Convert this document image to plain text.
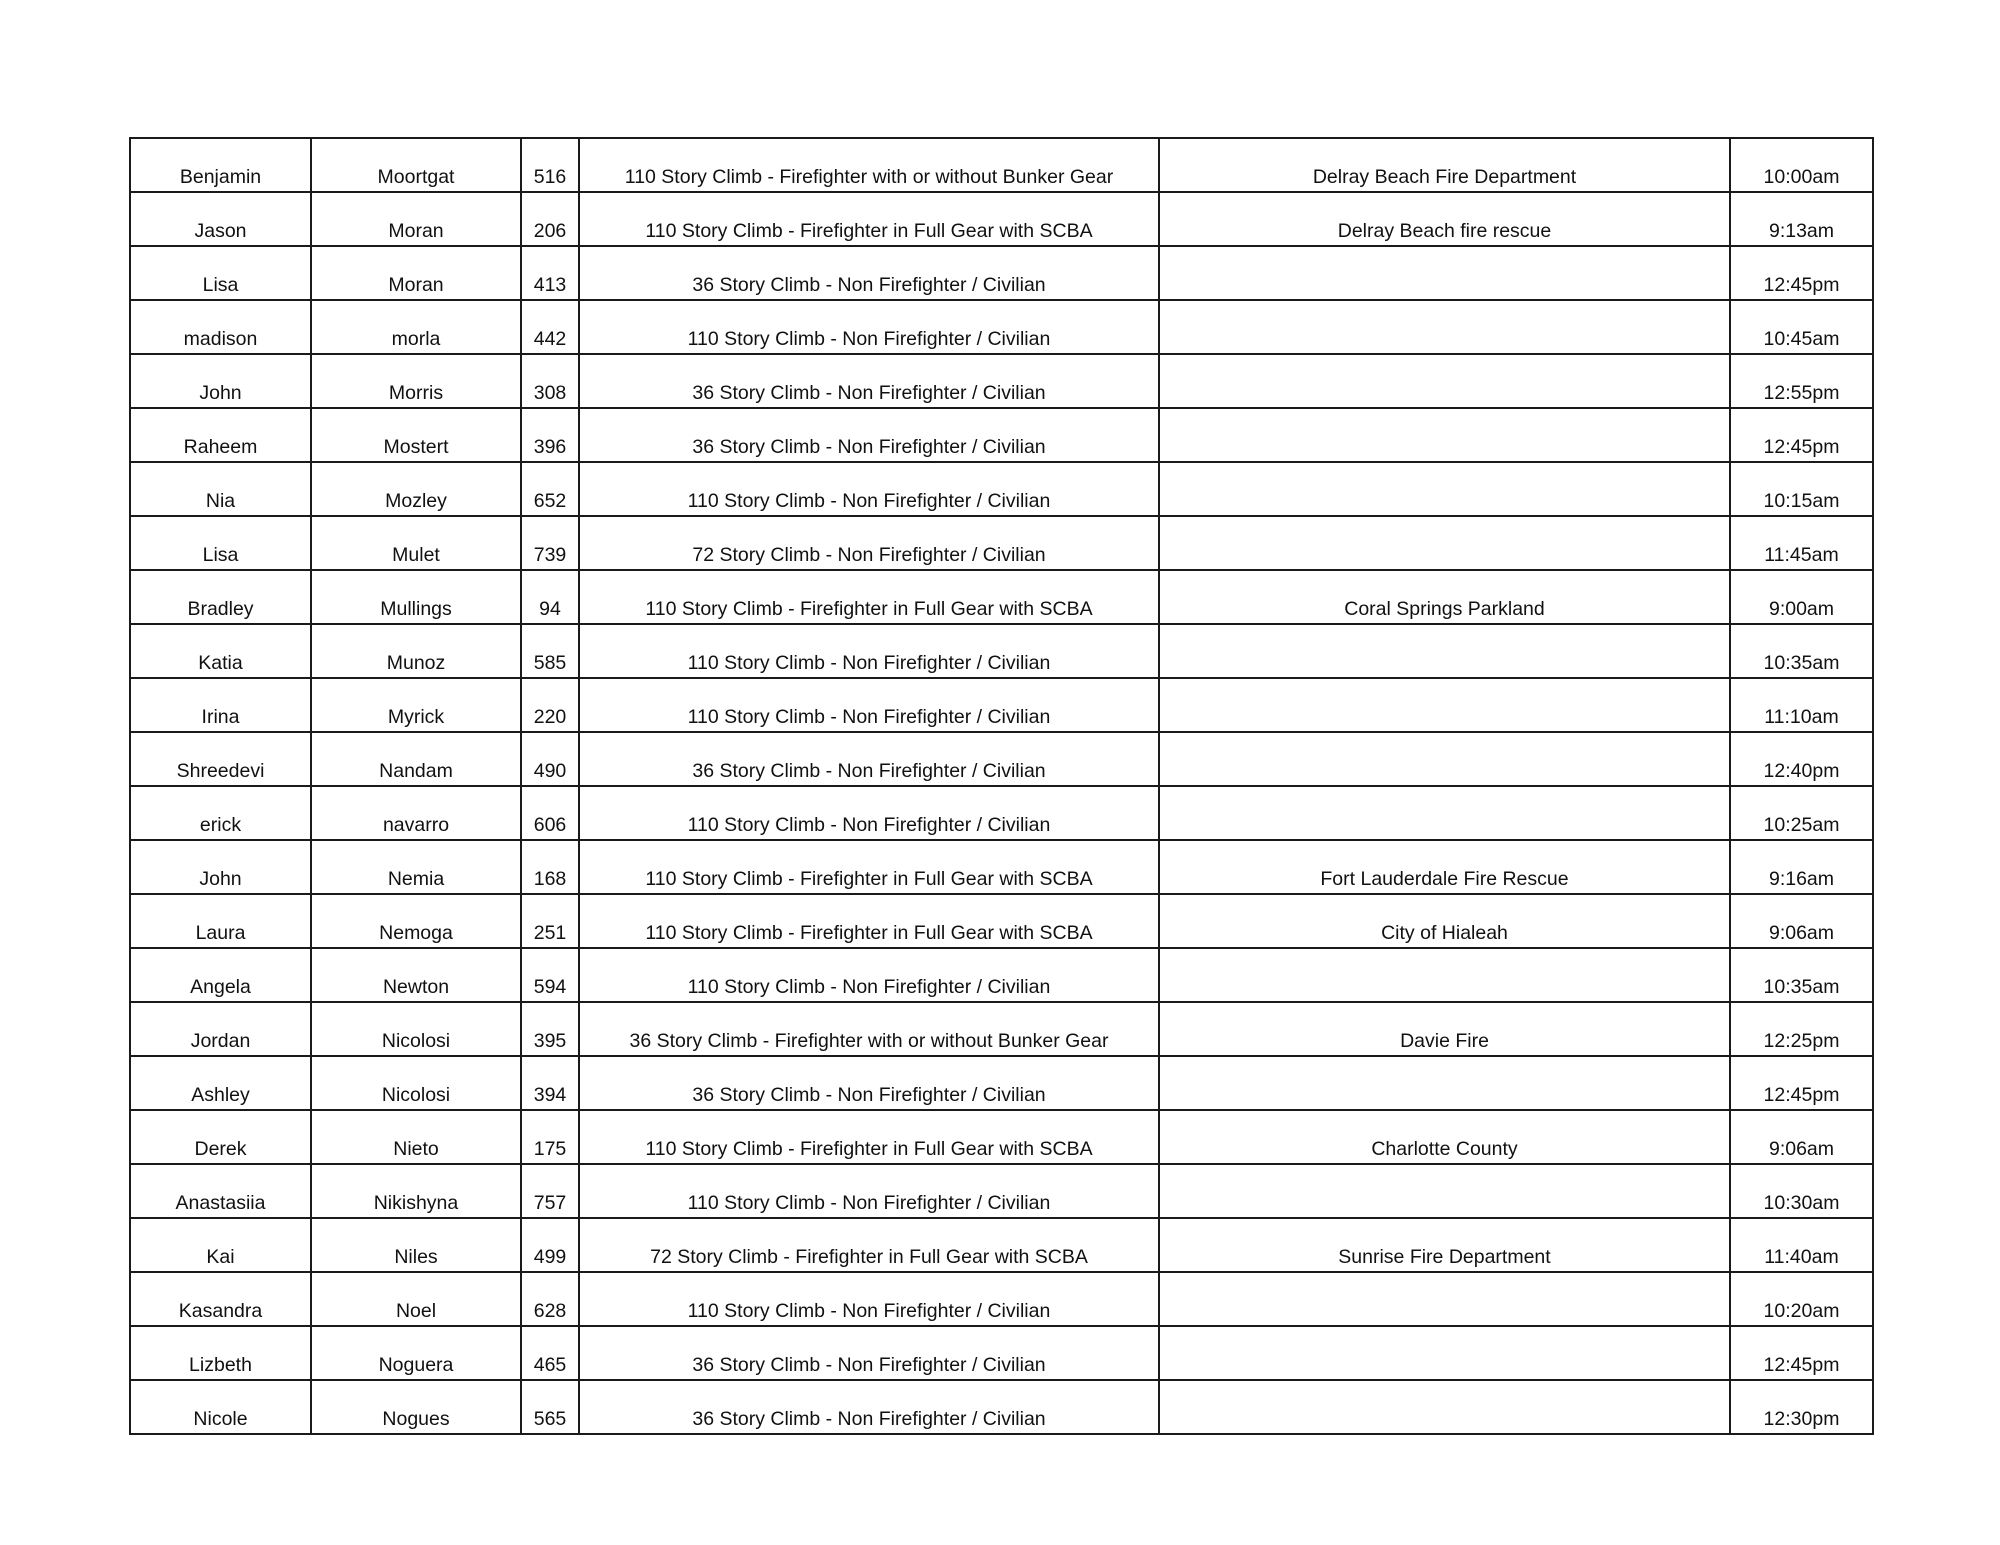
Benjamin	Moortgat	516	110 Story Climb - Firefighter with or without Bunker Gear	Delray Beach Fire Department	10:00am
Jason	Moran	206	110 Story Climb - Firefighter in Full Gear with SCBA	Delray Beach fire rescue	9:13am
Lisa	Moran	413	36 Story Climb - Non Firefighter / Civilian		12:45pm
madison	morla	442	110 Story Climb - Non Firefighter / Civilian		10:45am
John	Morris	308	36 Story Climb - Non Firefighter / Civilian		12:55pm
Raheem	Mostert	396	36 Story Climb - Non Firefighter / Civilian		12:45pm
Nia	Mozley	652	110 Story Climb - Non Firefighter / Civilian		10:15am
Lisa	Mulet	739	72 Story Climb - Non Firefighter / Civilian		11:45am
Bradley	Mullings	94	110 Story Climb - Firefighter in Full Gear with SCBA	Coral Springs Parkland	9:00am
Katia	Munoz	585	110 Story Climb - Non Firefighter / Civilian		10:35am
Irina	Myrick	220	110 Story Climb - Non Firefighter / Civilian		11:10am
Shreedevi	Nandam	490	36 Story Climb - Non Firefighter / Civilian		12:40pm
erick	navarro	606	110 Story Climb - Non Firefighter / Civilian		10:25am
John	Nemia	168	110 Story Climb - Firefighter in Full Gear with SCBA	Fort Lauderdale Fire Rescue	9:16am
Laura	Nemoga	251	110 Story Climb - Firefighter in Full Gear with SCBA	City of Hialeah	9:06am
Angela	Newton	594	110 Story Climb - Non Firefighter / Civilian		10:35am
Jordan	Nicolosi	395	36 Story Climb - Firefighter with or without Bunker Gear	Davie Fire	12:25pm
Ashley	Nicolosi	394	36 Story Climb - Non Firefighter / Civilian		12:45pm
Derek	Nieto	175	110 Story Climb - Firefighter in Full Gear with SCBA	Charlotte County	9:06am
Anastasiia	Nikishyna	757	110 Story Climb - Non Firefighter / Civilian		10:30am
Kai	Niles	499	72 Story Climb - Firefighter in Full Gear with SCBA	Sunrise Fire Department	11:40am
Kasandra	Noel	628	110 Story Climb - Non Firefighter / Civilian		10:20am
Lizbeth	Noguera	465	36 Story Climb - Non Firefighter / Civilian		12:45pm
Nicole	Nogues	565	36 Story Climb - Non Firefighter / Civilian		12:30pm
